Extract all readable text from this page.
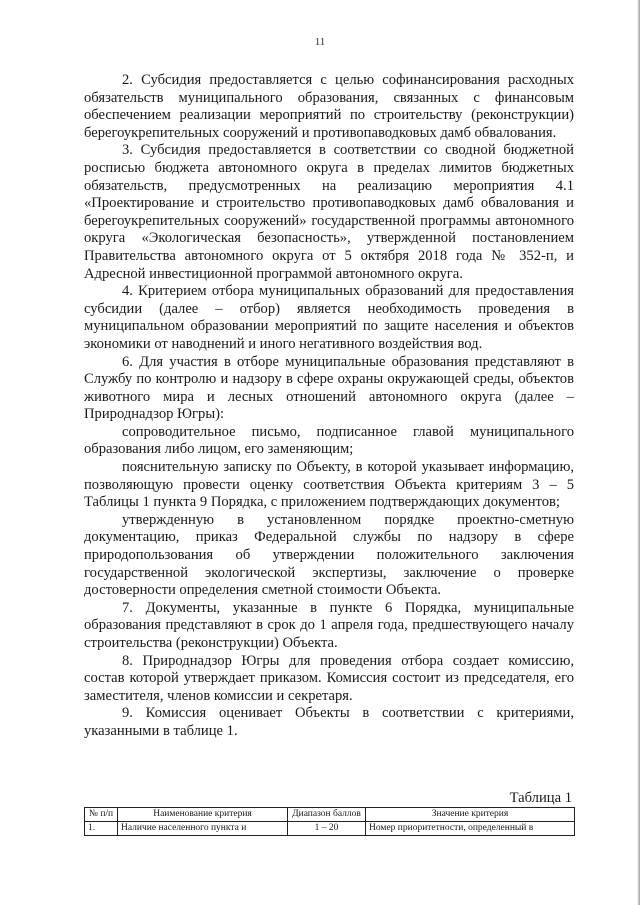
11

2. Субсидия предоставляется с целью софинансирования расходных обязательств муниципального образования, связанных с финансовым обеспечением реализации мероприятий по строительству (реконструкции) берегоукрепительных сооружений и противопаводковых дамб обвалования.

3. Субсидия предоставляется в соответствии со сводной бюджетной росписью бюджета автономного округа в пределах лимитов бюджетных обязательств, предусмотренных на реализацию мероприятия 4.1 «Проектирование и строительство противопаводковых дамб обвалования и берегоукрепительных сооружений» государственной программы автономного округа «Экологическая безопасность», утвержденной постановлением Правительства автономного округа от 5 октября 2018 года № 352-п, и Адресной инвестиционной программой автономного округа.

4. Критерием отбора муниципальных образований для предоставления субсидии (далее – отбор) является необходимость проведения в муниципальном образовании мероприятий по защите населения и объектов экономики от наводнений и иного негативного воздействия вод.

6. Для участия в отборе муниципальные образования представляют в Службу по контролю и надзору в сфере охраны окружающей среды, объектов животного мира и лесных отношений автономного округа (далее – Природнадзор Югры):

сопроводительное письмо, подписанное главой муниципального образования либо лицом, его заменяющим;

пояснительную записку по Объекту, в которой указывает информацию, позволяющую провести оценку соответствия Объекта критериям 3 – 5 Таблицы 1 пункта 9 Порядка, с приложением подтверждающих документов;

утвержденную в установленном порядке проектно-сметную документацию, приказ Федеральной службы по надзору в сфере природопользования об утверждении положительного заключения государственной экологической экспертизы, заключение о проверке достоверности определения сметной стоимости Объекта.

7. Документы, указанные в пункте 6 Порядка, муниципальные образования представляют в срок до 1 апреля года, предшествующего началу строительства (реконструкции) Объекта.

8. Природнадзор Югры для проведения отбора создает комиссию, состав которой утверждает приказом. Комиссия состоит из председателя, его заместителя, членов комиссии и секретаря.

9. Комиссия оценивает Объекты в соответствии с критериями, указанными в таблице 1.

Таблица 1
№ п/п	Наименование критерия	Диапазон баллов	Значение критерия
1.	Наличие населенного пункта и	1 – 20	Номер приоритетности, определенный в
